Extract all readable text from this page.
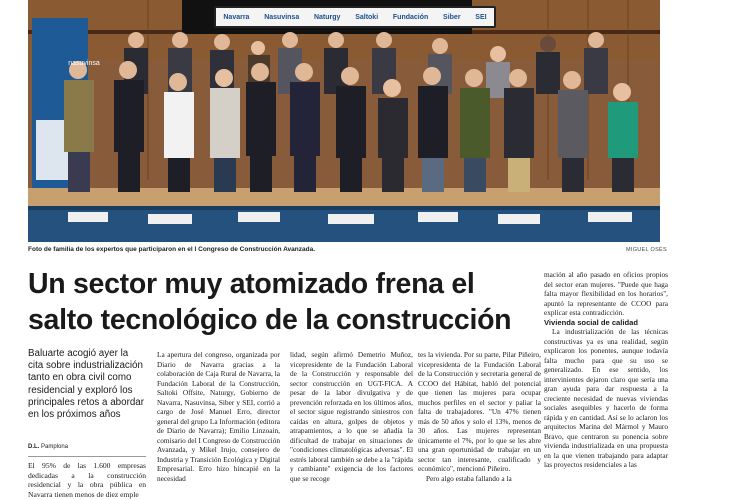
Navarra Nasuvinsa Naturgy Saltoki Fundación Siber SEI
nasuvinsa
Foto de familia de los expertos que participaron en el I Congreso de Construcción Avanzada.	MIGUEL OSÉS
Un sector muy atomizado frena el
salto tecnológico de la construcción
Baluarte acogió ayer la cita sobre industrialización tanto en obra civil como residencial y exploró los principales retos a abordar en los próximos años
D.L. Pamplona
El 95% de las 1.600 empresas dedicadas a la construcción residencial y la obra pública en Navarra tienen menos de diez emple

La apertura del congreso, organizada por Diario de Navarra gracias a la colaboración de Caja Rural de Navarra, la Fundación Laboral de la Construcción, Saltoki Offsite, Naturgy, Gobierno de Navarra, Nasuvinsa, Siber y SEI, corrió a cargo de José Manuel Erro, director general del grupo La Información (editora de Diario de Navarra); Emilio Linzoain, comisario del I Congreso de Construcción Avanzada, y Mikel Irujo, consejero de Industria y Transición Ecológica y Digital Empresarial. Erro hizo hincapié en la necesidad

lidad, según afirmó Demetrio Muñoz, vicepresidente de la Fundación Laboral de la Construcción y responsable del sector construcción en UGT-FICA. A pesar de la labor divulgativa y de prevención reforzada en los últimos años, el sector sigue registrando siniestros con caídas en altura, golpes de objetos y atrapamientos, a lo que se añadía la dificultad de trabajar en situaciones de "condiciones climatológicas adversas". El estrés laboral también se debe a la "rápida y cambiante" exigencia de los factores que se recoge

tes la vivienda. Por su parte, Pilar Piñeiro, vicepresidenta de la Fundación Laboral de la Construcción y secretaria general de CCOO del Hábitat, habló del potencial que tienen las mujeres para ocupar muchos perfiles en el sector y paliar la falta de trabajadores. "Un 47% tienen más de 50 años y solo el 13%, menos de 30 años. Las mujeres representan únicamente el 7%, por lo que se les abre una gran oportunidad de trabajar en un sector tan interesante, cualificado y económico", mencionó Piñeiro.

Pero algo estaba fallando a la

mación al año pasado en oficios propios del sector eran mujeres. "Puede que haga falta mayor flexibilidad en los horarios", apuntó la representante de CCOO para explicar esta contradicción.

Vivienda social de calidad

La industrialización de las técnicas constructivas ya es una realidad, según explicaron los ponentes, aunque todavía falta mucho para que su uso se generalizado. En ese sentido, los intervinientes dejaron claro que sería una gran ayuda para dar respuesta a la creciente necesidad de nuevas viviendas sociales asequibles y hacerlo de forma rápida y en cantidad. Así se lo aclaron los arquitectos Marina del Mármol y Mauro Bravo, que centraron su ponencia sobre vivienda industrializada en una propuesta en la que vienen trabajando para adaptar las proyectos residenciales a las
